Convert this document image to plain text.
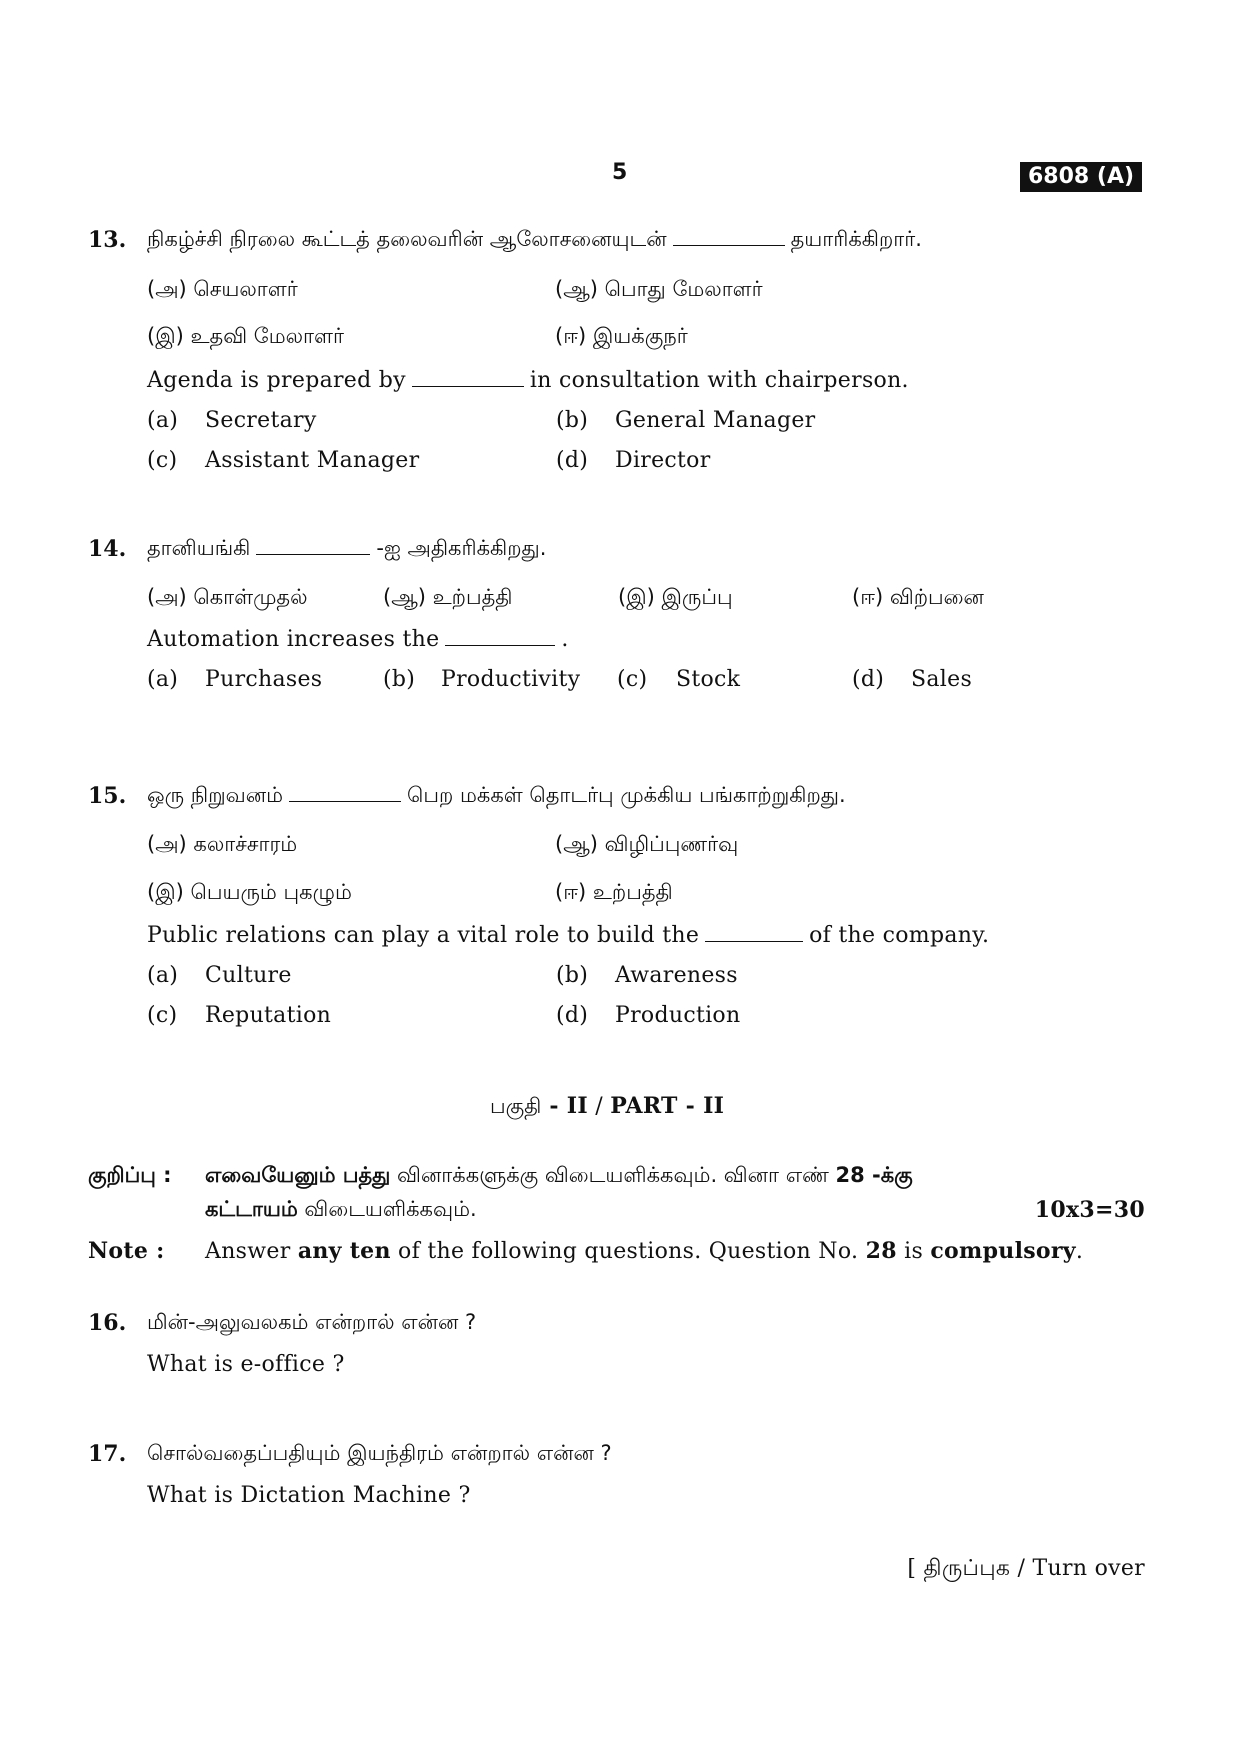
5	6808 (A)
13. நிகழ்ச்சி நிரலை கூட்டத் தலைவரின் ஆலோசனையுடன்	தயாரிக்கிறார்.
(அ) செயலாளர்	(ஆ) பொது மேலாளர்
(இ) உதவி மேலாளர்	(ஈ) இயக்குநர்
Agenda is prepared by	in consultation with chairperson.
(a) Secretary	(b) General Manager
(c) Assistant Manager	(d) Director
14. தானியங்கி	-ஐ அதிகரிக்கிறது.
(அ) கொள்முதல்	(ஆ) உற்பத்தி	(இ) இருப்பு	(ஈ) விற்பனை
Automation increases the	.
(a) Purchases	(b) Productivity (c) Stock	(d) Sales
15. ஒரு நிறுவனம்	பெற மக்கள் தொடர்பு முக்கிய பங்காற்றுகிறது.
(அ) கலாச்சாரம்	(ஆ) விழிப்புணர்வு
(இ) பெயரும் புகழும்	(ஈ) உற்பத்தி
Public relations can play a vital role to build the	of the company.
(a) Culture	(b) Awareness
(c) Reputation	(d) Production
பகுதி - II / PART - II
குறிப்பு : எவையேனும் பத்து வினாக்களுக்கு விடையளிக்கவும். வினா எண் 28 -க்கு
கட்டாயம் விடையளிக்கவும்.	10x3=30
Note : Answer any ten of the following questions. Question No. 28 is compulsory.
16. மின்-அலுவலகம் என்றால் என்ன ?
What is e-office ?
17. சொல்வதைப்பதியும் இயந்திரம் என்றால் என்ன ?
What is Dictation Machine ?
[ திருப்புக / Turn over
